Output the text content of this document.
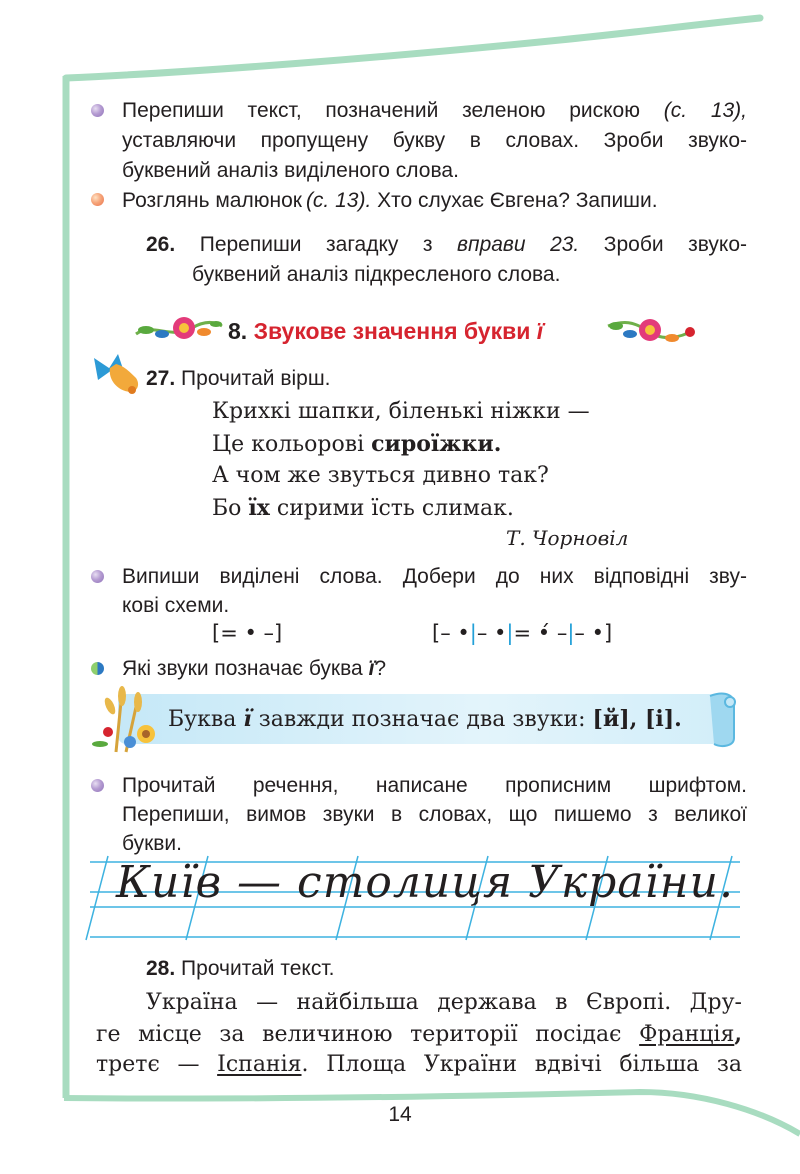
Перепиши текст, позначений зеленою рискою (с. 13),
уставляючи пропущену букву в словах. Зроби звуко-
буквений аналіз виділеного слова.
Розглянь малюнок (с. 13). Хто слухає Євгена? Запиши.
26. Перепиши загадку з вправи 23. Зроби звуко-
буквений аналіз підкресленого слова.
8. Звукове значення букви ї
27. Прочитай вірш.
Крихкі шапки, біленькі ніжки —
Це кольорові сироїжки.
А чом же звуться дивно так?
Бо їх сирими їсть слимак.
Т. Чорновіл
Випиши виділені слова. Добери до них відповідні зву-
кові схеми.
[= • –]	[– •|– •|= •́ –|– •]
Які звуки позначає буква ї?
Буква ї завжди позначає два звуки: [й], [і].
Прочитай речення, написане прописним шрифтом.
Перепиши, вимов звуки в словах, що пишемо з великої
букви.
Київ — столиця України.
28. Прочитай текст.
Україна — найбільша держава в Європі. Дру-
ге місце за величиною території посідає Франція,
третє — Іспанія. Площа України вдвічі більша за
14
